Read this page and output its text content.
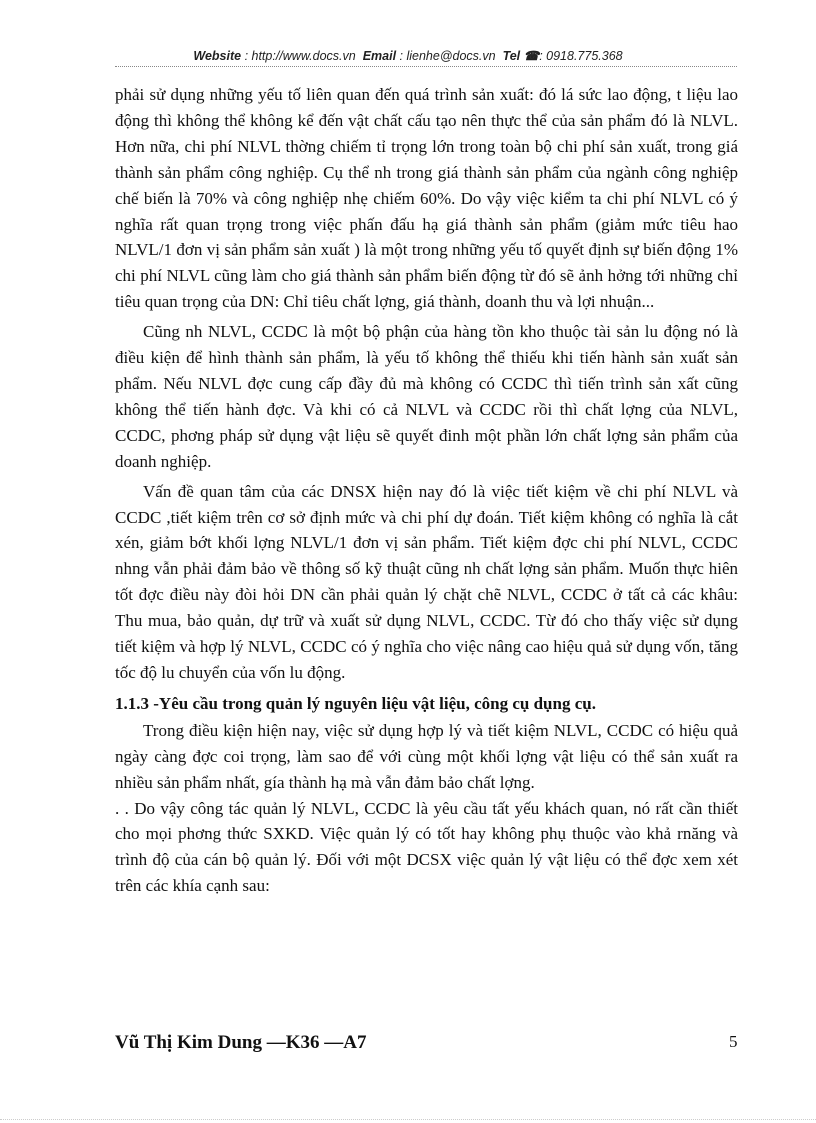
Website : http://www.docs.vn Email : lienhe@docs.vn Tel ☎: 0918.775.368

phải sử dụng những yếu tố liên quan đến quá trình sản xuất: đó lá sức lao động, t liệu lao động thì không thể không kể đến vật chất cấu tạo nên thực thể của sản phẩm đó là NLVL. Hơn nữa, chi phí NLVL thờng chiếm tỉ trọng lớn trong toàn bộ chi phí sản xuất, trong giá thành sản phẩm công nghiệp. Cụ thể nh trong giá thành sản phẩm của ngành công nghiệp chế biến là 70% và công nghiệp nhẹ chiếm 60%. Do vậy việc kiểm ta chi phí NLVL có ý nghĩa rất quan trọng trong việc phấn đấu hạ giá thành sản phẩm (giảm mức tiêu hao NLVL/1 đơn vị sản phẩm sản xuất ) là một trong những yếu tố quyết định sự biến động 1% chi phí NLVL cũng làm cho giá thành sản phẩm biến động từ đó sẽ ảnh hởng tới những chỉ tiêu quan trọng của DN: Chỉ tiêu chất lợng, giá thành, doanh thu và lợi nhuận...

Cũng nh NLVL, CCDC là một bộ phận của hàng tồn kho thuộc tài sản lu động nó là điều kiện để hình thành sản phẩm, là yếu tố không thể thiếu khi tiến hành sản xuất sản phẩm. Nếu NLVL đợc cung cấp đầy đủ mà không có CCDC thì tiến trình sản xất cũng không thể tiến hành đợc. Và khi có cả NLVL và CCDC rồi thì chất lợng của NLVL, CCDC, phơng pháp sử dụng vật liệu sẽ quyết đinh một phần lớn chất lợng sản phẩm của doanh nghiệp.

Vấn đề quan tâm của các DNSX hiện nay đó là việc tiết kiệm về chi phí NLVL và CCDC ,tiết kiệm trên cơ sở định mức và chi phí dự đoán. Tiết kiệm không có nghĩa là cắt xén, giảm bớt khối lợng NLVL/1 đơn vị sản phẩm. Tiết kiệm đợc chi phí NLVL, CCDC nhng vẫn phải đảm bảo về thông số kỹ thuật cũng nh chất lợng sản phẩm. Muốn thực hiên tốt đợc điều này đòi hỏi DN cần phải quản lý chặt chẽ NLVL, CCDC ở tất cả các khâu: Thu mua, bảo quản, dự trữ và xuất sử dụng NLVL, CCDC. Từ đó cho thấy việc sử dụng tiết kiệm và hợp lý NLVL, CCDC có ý nghĩa cho việc nâng cao hiệu quả sử dụng vốn, tăng tốc độ lu chuyển của vốn lu động.

1.1.3 -Yêu cầu trong quản lý nguyên liệu vật liệu, công cụ dụng cụ.

Trong điều kiện hiện nay, việc sử dụng hợp lý và tiết kiệm NLVL, CCDC có hiệu quả ngày càng đợc coi trọng, làm sao để với cùng một khối lợng vật liệu có thể sản xuất ra nhiều sản phẩm nhất, gía thành hạ mà vẫn đảm bảo chất lợng.

. . Do vậy công tác quản lý NLVL, CCDC là yêu cầu tất yếu khách quan, nó rất cần thiết cho mọi phơng thức SXKD. Việc quản lý có tốt hay không phụ thuộc vào khả rnăng và trình độ của cán bộ quản lý. Đối với một DCSX việc quản lý vật liệu có thể đợc xem xét trên các khía cạnh sau:

Vũ Thị Kim Dung —K36 —A7	5
